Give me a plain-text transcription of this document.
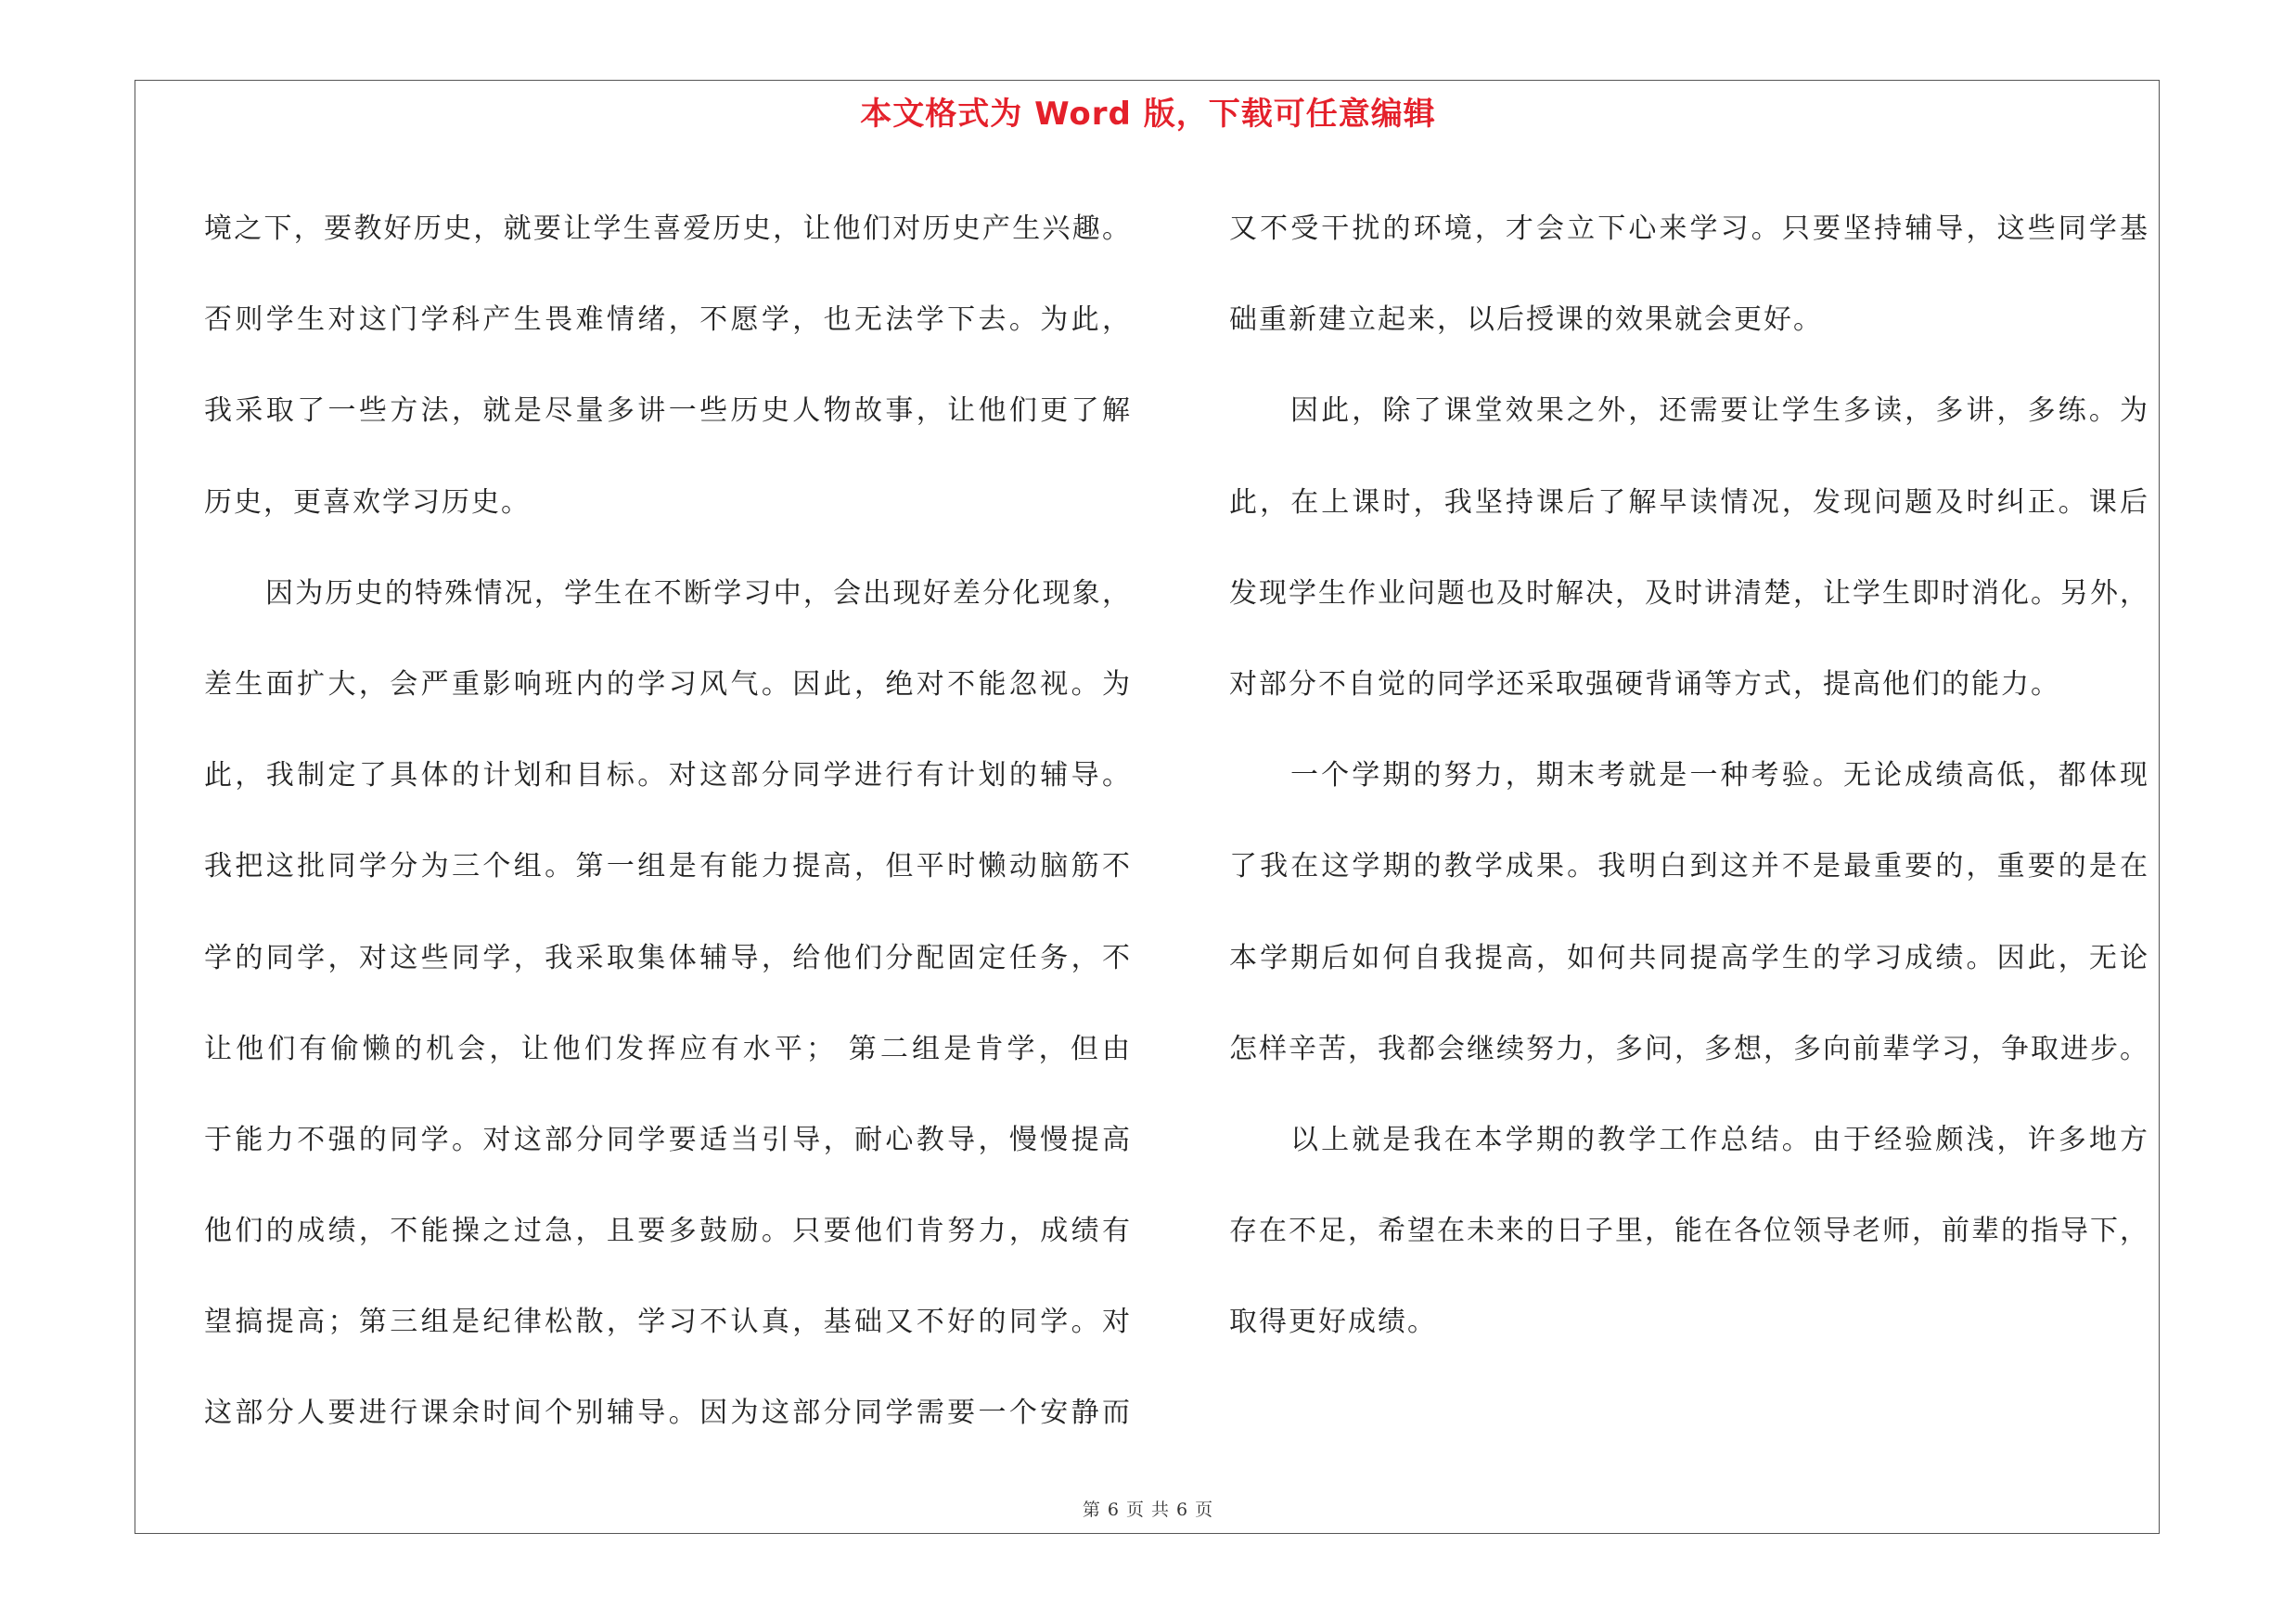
本文格式为 Word 版，下载可任意编辑
境之下，要教好历史，就要让学生喜爱历史，让他们对历史产生兴趣。
否则学生对这门学科产生畏难情绪，不愿学，也无法学下去。为此，
我采取了一些方法，就是尽量多讲一些历史人物故事，让他们更了解
历史，更喜欢学习历史。
因为历史的特殊情况，学生在不断学习中，会出现好差分化现象，
差生面扩大，会严重影响班内的学习风气。因此，绝对不能忽视。为
此，我制定了具体的计划和目标。对这部分同学进行有计划的辅导。
我把这批同学分为三个组。第一组是有能力提高，但平时懒动脑筋不
学的同学，对这些同学，我采取集体辅导，给他们分配固定任务，不
让他们有偷懒的机会，让他们发挥应有水平； 第二组是肯学，但由
于能力不强的同学。对这部分同学要适当引导，耐心教导，慢慢提高
他们的成绩，不能操之过急，且要多鼓励。只要他们肯努力，成绩有
望搞提高；第三组是纪律松散，学习不认真，基础又不好的同学。对
这部分人要进行课余时间个别辅导。因为这部分同学需要一个安静而
又不受干扰的环境，才会立下心来学习。只要坚持辅导，这些同学基
础重新建立起来，以后授课的效果就会更好。
因此，除了课堂效果之外，还需要让学生多读，多讲，多练。为
此，在上课时，我坚持课后了解早读情况，发现问题及时纠正。课后
发现学生作业问题也及时解决，及时讲清楚，让学生即时消化。另外，
对部分不自觉的同学还采取强硬背诵等方式，提高他们的能力。
一个学期的努力，期末考就是一种考验。无论成绩高低，都体现
了我在这学期的教学成果。我明白到这并不是最重要的，重要的是在
本学期后如何自我提高，如何共同提高学生的学习成绩。因此，无论
怎样辛苦，我都会继续努力，多问，多想，多向前辈学习，争取进步。
以上就是我在本学期的教学工作总结。由于经验颇浅，许多地方
存在不足，希望在未来的日子里，能在各位领导老师，前辈的指导下，
取得更好成绩。
第 6 页 共 6 页
